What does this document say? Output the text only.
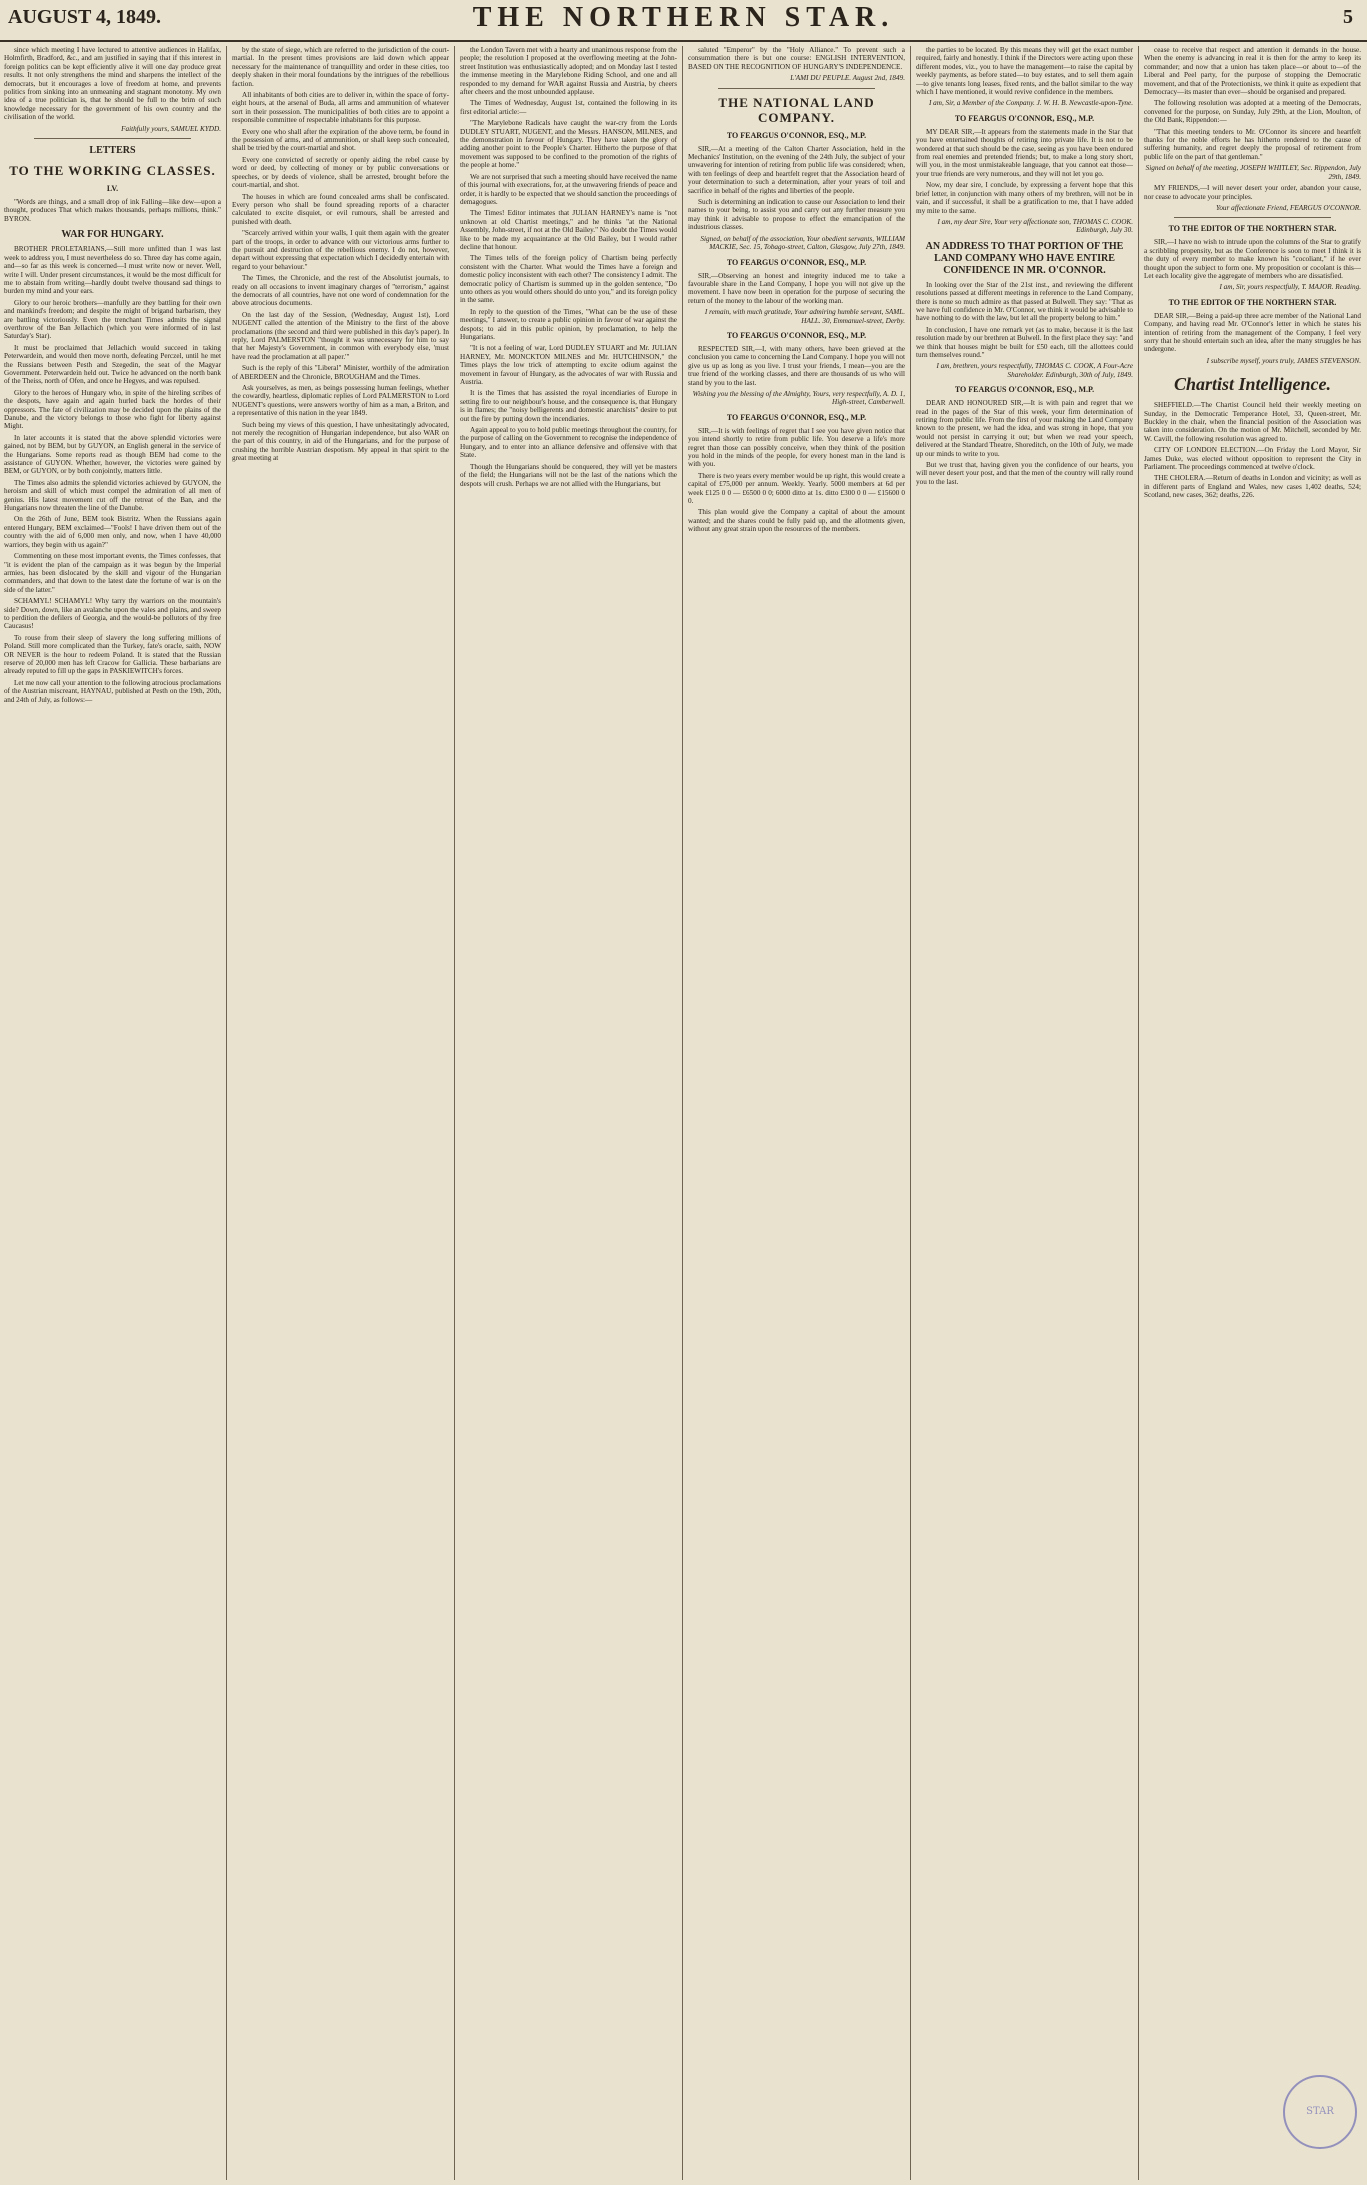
AUGUST 4, 1849.	THE NORTHERN STAR.	5

since which meeting I have lectured to attentive audiences in Halifax, Holmfirth, Bradford, &c., and am justified in saying that if this interest in foreign politics can be kept efficiently alive it will one day produce great results. It not only strengthens the mind and sharpens the intellect of the democrats, but it encourages a love of freedom at home, and prevents politics from sinking into an unmeaning and stagnant monotony. My own idea of a true politician is, that he should be full to the brim of such knowledge necessary for the government of his own country and the civilisation of the world.

Faithfully yours, SAMUEL KYDD.

LETTERS

TO THE WORKING CLASSES.

LV.

"Words are things, and a small drop of ink Falling—like dew—upon a thought, produces That which makes thousands, perhaps millions, think." BYRON.

WAR FOR HUNGARY.

BROTHER PROLETARIANS,—Still more unfitted than I was last week to address you, I must nevertheless do so. Three day has come again, and—so far as this week is concerned—I must write now or never. Well, write I will. Under present circumstances, it would be the most difficult for me to abstain from writing—hardly doubt twelve thousand sad things to burden my mind and your ears.

Glory to our heroic brothers—manfully are they battling for their own and mankind's freedom; and despite the might of brigand barbarism, they are battling victoriously. Even the trenchant Times admits the signal overthrow of the Ban Jellachich (which you were informed of in last Saturday's Star).

It must be proclaimed that Jellachich would succeed in taking Peterwardein, and would then move north, defeating Perczel, until he met the Russians between Pesth and Szegedin, the seat of the Magyar Government. Peterwardein held out. Twice he advanced on the north bank of the Theiss, north of Ofen, and once he Hegyes, and was repulsed.

Glory to the heroes of Hungary who, in spite of the hireling scribes of the despots, have again and again hurled back the hordes of their oppressors. The fate of civilization may be decided upon the plains of the Danube, and the victory belongs to those who fight for liberty against Might.

In later accounts it is stated that the above splendid victories were gained, not by BEM, but by GUYON, an English general in the service of the Hungarians. Some reports read as though BEM had come to the assistance of GUYON. Whether, however, the victories were gained by BEM, or GUYON, or by both conjointly, matters little.

The Times also admits the splendid victories achieved by GUYON, the heroism and skill of which must compel the admiration of all men of genius. His latest movement cut off the retreat of the Ban, and the Hungarians now threaten the line of the Danube.

On the 26th of June, BEM took Bistritz. When the Russians again entered Hungary, BEM exclaimed—"Fools! I have driven them out of the country with the aid of 6,000 men only, and now, when I have 40,000 warriors, they begin with us again?"

Commenting on these most important events, the Times confesses, that "it is evident the plan of the campaign as it was begun by the Imperial armies, has been dislocated by the skill and vigour of the Hungarian commanders, and that down to the latest date the fortune of war is on the side of the latter."

SCHAMYL! SCHAMYL! Why tarry thy warriors on the mountain's side? Down, down, like an avalanche upon the vales and plains, and sweep to perdition the defilers of Georgia, and the would-be pollutors of thy free Caucasus!

To rouse from their sleep of slavery the long suffering millions of Poland. Still more complicated than the Turkey, fate's oracle, saith, NOW OR NEVER is the hour to redeem Poland. It is stated that the Russian reserve of 20,000 men has left Cracow for Gallicia. These barbarians are already reputed to fill up the gaps in PASKIEWITCH's forces.

Let me now call your attention to the following atrocious proclamations of the Austrian miscreant, HAYNAU, published at Pesth on the 19th, 20th, and 24th of July, as follows:—

by the state of siege, which are referred to the jurisdiction of the court-martial. In the present times provisions are laid down which appear necessary for the maintenance of tranquillity and order in these cities, too deeply shaken in their moral foundations by the intrigues of the rebellious faction.

All inhabitants of both cities are to deliver in, within the space of forty-eight hours, at the arsenal of Buda, all arms and ammunition of whatever sort in their possession. The municipalities of both cities are to appoint a responsible committee of respectable inhabitants for this purpose.

Every one who shall after the expiration of the above term, be found in the possession of arms, and of ammunition, or shall keep such concealed, shall be tried by the court-martial and shot.

Every one convicted of secretly or openly aiding the rebel cause by word or deed, by collecting of money or by public conversations or speeches, or by deeds of violence, shall be arrested, brought before the court-martial, and shot.

The houses in which are found concealed arms shall be confiscated. Every person who shall be found spreading reports of a character calculated to excite disquiet, or evil rumours, shall be arrested and punished with death.

"Scarcely arrived within your walls, I quit them again with the greater part of the troops, in order to advance with our victorious arms further to the pursuit and destruction of the rebellious enemy. I do not, however, depart without expressing that expectation which I decidedly entertain with regard to your behaviour."

The Times, the Chronicle, and the rest of the Absolutist journals, to ready on all occasions to invent imaginary charges of "terrorism," against the democrats of all countries, have not one word of condemnation for the above atrocious documents.

On the last day of the Session, (Wednesday, August 1st), Lord NUGENT called the attention of the Ministry to the first of the above proclamations (the second and third were published in this day's paper). In reply, Lord PALMERSTON "thought it was unnecessary for him to say that her Majesty's Government, in common with everybody else, 'must have read the proclamation at all paper.'"

Such is the reply of this "Liberal" Minister, worthily of the admiration of ABERDEEN and the Chronicle, BROUGHAM and the Times.

Ask yourselves, as men, as beings possessing human feelings, whether the cowardly, heartless, diplomatic replies of Lord PALMERSTON to Lord NUGENT's questions, were answers worthy of him as a man, a Briton, and a representative of this nation in the year 1849.

Such being my views of this question, I have unhesitatingly advocated, not merely the recognition of Hungarian independence, but also WAR on the part of this country, in aid of the Hungarians, and for the purpose of crushing the horrible Austrian despotism. My appeal in that spirit to the great meeting at

the London Tavern met with a hearty and unanimous response from the people; the resolution I proposed at the overflowing meeting at the John-street Institution was enthusiastically adopted; and on Monday last I tested the immense meeting in the Marylebone Riding School, and one and all responded to my demand for WAR against Russia and Austria, by cheers after cheers and the most unbounded applause.

The Times of Wednesday, August 1st, contained the following in its first editorial article:—

"The Marylebone Radicals have caught the war-cry from the Lords DUDLEY STUART, NUGENT, and the Messrs. HANSON, MILNES, and the demonstration in favour of Hungary. They have taken the glory of adding another point to the People's Charter. Hitherto the purpose of that movement was supposed to be confined to the promotion of the rights of the people at home."

We are not surprised that such a meeting should have received the name of this journal with execrations, for, at the unwavering friends of peace and order, it is hardly to be expected that we should sanction the proceedings of demagogues.

The Times! Editor intimates that JULIAN HARNEY's name is "not unknown at old Chartist meetings," and he thinks "at the National Assembly, John-street, if not at the Old Bailey." No doubt the Times would like to be made my acquaintance at the Old Bailey, but I would rather decline that honour.

The Times tells of the foreign policy of Chartism being perfectly consistent with the Charter. What would the Times have a foreign and domestic policy inconsistent with each other? The consistency I admit. The democratic policy of Chartism is summed up in the golden sentence, "Do unto others as you would others should do unto you," and its foreign policy in the same.

In reply to the question of the Times, "What can be the use of these meetings," I answer, to create a public opinion in favour of war against the despots; to aid in this public opinion, by proclamation, to help the Hungarians.

"It is not a feeling of war, Lord DUDLEY STUART and Mr. JULIAN HARNEY, Mr. MONCKTON MILNES and Mr. HUTCHINSON," the Times plays the low trick of attempting to excite odium against the movement in favour of Hungary, as the advocates of war with Russia and Austria.

It is the Times that has assisted the royal incendiaries of Europe in setting fire to our neighbour's house, and the consequence is, that Hungary is in flames; the "noisy belligerents and domestic anarchists" desire to put out the fire by putting down the incendiaries.

Again appeal to you to hold public meetings throughout the country, for the purpose of calling on the Government to recognise the independence of Hungary, and to enter into an alliance defensive and offensive with that State.

Though the Hungarians should be conquered, they will yet be masters of the field; the Hungarians will not be the last of the nations which the despots will crush. Perhaps we are not allied with the Hungarians, but

saluted "Emperor" by the "Holy Alliance." To prevent such a consummation there is but one course: ENGLISH INTERVENTION, BASED ON THE RECOGNITION OF HUNGARY'S INDEPENDENCE.

L'AMI DU PEUPLE. August 2nd, 1849.

THE NATIONAL LAND COMPANY.

TO FEARGUS O'CONNOR, ESQ., M.P.

SIR,—At a meeting of the Calton Charter Association, held in the Mechanics' Institution, on the evening of the 24th July, the subject of your unwavering for intention of retiring from public life was considered; when, with ten feelings of deep and heartfelt regret that the Association heard of your determination to such a determination, after your years of toil and sacrifice in behalf of the rights and liberties of the people.

Such is determining an indication to cause our Association to lend their names to your being, to assist you and carry out any further measure you may think it advisable to propose to effect the emancipation of the industrious classes.

Signed, on behalf of the association, Your obedient servants, WILLIAM MACKIE, Sec. 15, Tobago-street, Calton, Glasgow, July 27th, 1849.

TO FEARGUS O'CONNOR, ESQ., M.P.

SIR,—Observing an honest and integrity induced me to take a favourable share in the Land Company, I hope you will not give up the movement. I have now been in operation for the purpose of securing the return of the money to the labour of the working man.

I remain, with much gratitude, Your admiring humble servant, SAML. HALL. 30, Emmanuel-street, Derby.

TO FEARGUS O'CONNOR, ESQ., M.P.

RESPECTED SIR,—I, with many others, have been grieved at the conclusion you came to concerning the Land Company. I hope you will not give us up as long as you live. I trust your friends, I mean—you are the true friend of the working classes, and there are thousands of us who will stand by you to the last.

Wishing you the blessing of the Almighty, Yours, very respectfully, A. D. 1, High-street, Camberwell.

TO FEARGUS O'CONNOR, ESQ., M.P.

SIR,—It is with feelings of regret that I see you have given notice that you intend shortly to retire from public life. You deserve a life's more regret than those can possibly conceive, when they think of the position you hold in the minds of the people, for every honest man in the land is with you.

There is two years every member would be up right, this would create a capital of £75,000 per annum. Weekly. Yearly. 5000 members at 6d per week £125 0 0 — £6500 0 0; 6000 ditto at 1s. ditto £300 0 0 — £15600 0 0.

This plan would give the Company a capital of about the amount wanted; and the shares could be fully paid up, and the allotments given, without any great strain upon the resources of the members.

the parties to be located. By this means they will get the exact number required, fairly and honestly. I think if the Directors were acting upon these different modes, viz., you to have the management—to raise the capital by weekly payments, as before stated—to buy estates, and to sell them again—to give tenants long leases, fixed rents, and the ballot similar to the way which I have mentioned, it would revive confidence in the members.

I am, Sir, a Member of the Company. J. W. H. B. Newcastle-upon-Tyne.

TO FEARGUS O'CONNOR, ESQ., M.P.

MY DEAR SIR,—It appears from the statements made in the Star that you have entertained thoughts of retiring into private life. It is not to be wondered at that such should be the case, seeing as you have been endured from real enemies and pretended friends; but, to make a long story short, will you, in the most unmistakeable language, that you cannot eat those—your true friends are very numerous, and they will not let you go.

Now, my dear sire, I conclude, by expressing a fervent hope that this brief letter, in conjunction with many others of my brethren, will not be in vain, and if successful, it shall be a gratification to me, that I have added my mite to the same.

I am, my dear Sire, Your very affectionate son, THOMAS C. COOK. Edinburgh, July 30.

AN ADDRESS TO THAT PORTION OF THE LAND COMPANY WHO HAVE ENTIRE CONFIDENCE IN MR. O'CONNOR.

In looking over the Star of the 21st inst., and reviewing the different resolutions passed at different meetings in reference to the Land Company, there is none so much admire as that passed at Bulwell. They say: "That as we have full confidence in Mr. O'Connor, we think it would be advisable to have nothing to do with the law, but let all the property belong to him."

In conclusion, I have one remark yet (as to make, because it is the last resolution made by our brethren at Bulwell. In the first place they say: "and we think that houses might be built for £50 each, till the allottees could turn themselves round."

I am, brethren, yours respectfully, THOMAS C. COOK, A Four-Acre Shareholder. Edinburgh, 30th of July, 1849.

TO FEARGUS O'CONNOR, ESQ., M.P.

DEAR AND HONOURED SIR,—It is with pain and regret that we read in the pages of the Star of this week, your firm determination of retiring from public life. From the first of your making the Land Company known to the present, we had the idea, and was strong in hope, that you would not persist in carrying it out; but when we read your speech, delivered at the Standard Theatre, Shoreditch, on the 10th of July, we made up our minds to write to you.

But we trust that, having given you the confidence of our hearts, you will never desert your post, and that the men of the country will rally round you to the last.

cease to receive that respect and attention it demands in the house. When the enemy is advancing in real it is then for the army to keep its commander; and now that a union has taken place—or about to—of the Liberal and Peel party, for the purpose of stopping the Democratic movement, and that of the Protectionists, we think it quite as expedient that Democracy—its master than ever—should be organised and prepared.

The following resolution was adopted at a meeting of the Democrats, convened for the purpose, on Sunday, July 29th, at the Lion, Moulton, of the Old Bank, Rippendon:—

"That this meeting tenders to Mr. O'Connor its sincere and heartfelt thanks for the noble efforts he has hitherto rendered to the cause of suffering humanity, and regret deeply the proposal of retirement from public life on the part of that gentleman."

Signed on behalf of the meeting, JOSEPH WHITLEY, Sec. Rippendon, July 29th, 1849.

MY FRIENDS,—I will never desert your order, abandon your cause, nor cease to advocate your principles.

Your affectionate Friend, FEARGUS O'CONNOR.

TO THE EDITOR OF THE NORTHERN STAR.

SIR,—I have no wish to intrude upon the columns of the Star to gratify a scribbling propensity, but as the Conference is soon to meet I think it is the duty of every member to make known his "cocoliant," if he ever thought upon the subject to form one. My proposition or cocolant is this—Let each locality give the aggregate of members who are dissatisfied.

I am, Sir, yours respectfully, T. MAJOR. Reading.

TO THE EDITOR OF THE NORTHERN STAR.

DEAR SIR,—Being a paid-up three acre member of the National Land Company, and having read Mr. O'Connor's letter in which he states his intention of retiring from the management of the Company, I feel very sorry that he should entertain such an idea, after the many struggles he has undergone.

I subscribe myself, yours truly, JAMES STEVENSON.

Chartist Intelligence.

SHEFFIELD.—The Chartist Council held their weekly meeting on Sunday, in the Democratic Temperance Hotel, 33, Queen-street, Mr. Buckley in the chair, when the financial position of the Association was taken into consideration. On the motion of Mr. Mitchell, seconded by Mr. W. Cavill, the following resolution was agreed to.

CITY OF LONDON ELECTION.—On Friday the Lord Mayor, Sir James Duke, was elected without opposition to represent the City in Parliament. The proceedings commenced at twelve o'clock.

THE CHOLERA.—Return of deaths in London and vicinity; as well as in different parts of England and Wales, new cases 1,402 deaths, 524; Scotland, new cases, 362; deaths, 226.

STAR
